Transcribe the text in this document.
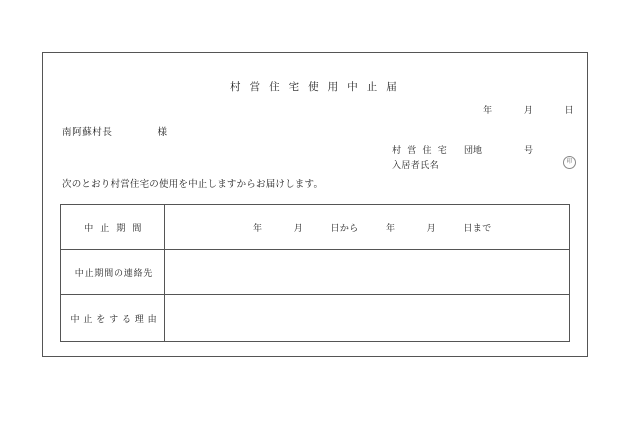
村 営 住 宅 使 用 中 止 届
年	月	日
南阿蘇村長	様
村 営 住 宅 団地	号
入居者氏名	印
次のとおり村営住宅の使用を中止しますからお届けします。
中 止 期 間	年 月 日から 年 月 日まで

中止期間の連絡先	
中 止 を す る 理 由	
